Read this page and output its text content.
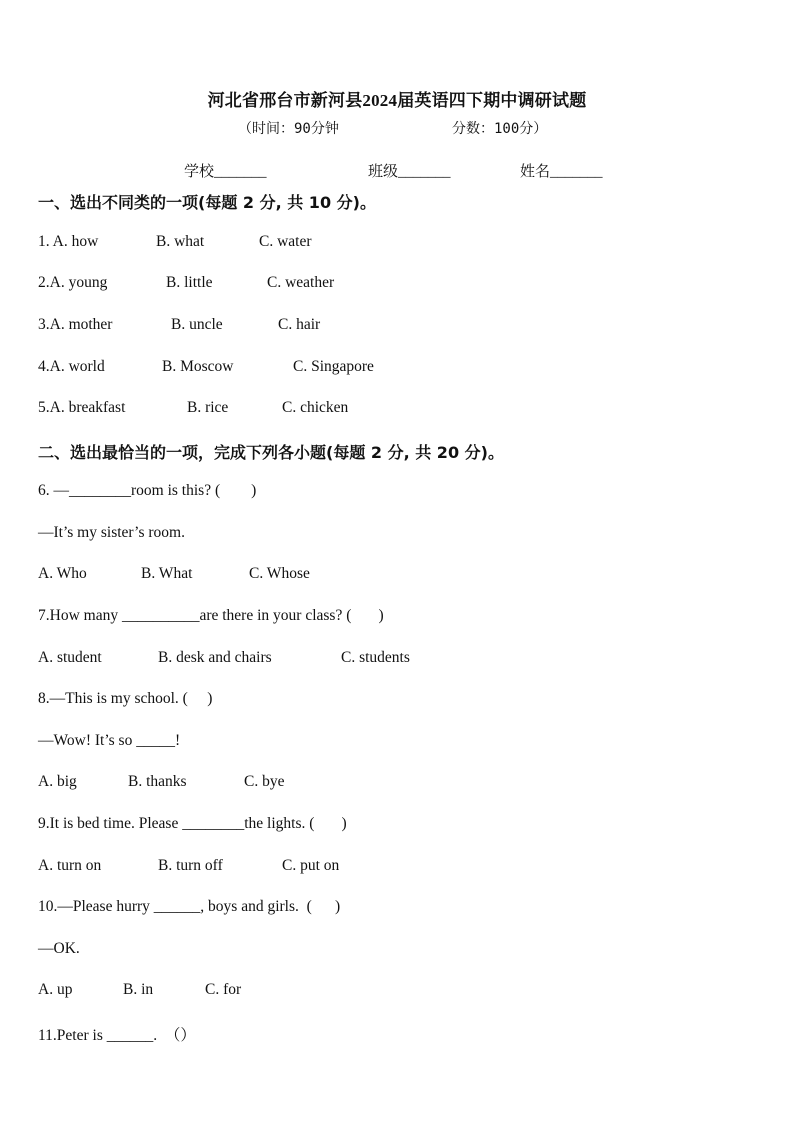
河北省邢台市新河县2024届英语四下期中调研试题
（时间：90分钟	分数：100分）
学校_______	班级_______	姓名_______
一、选出不同类的一项(每题 2 分, 共 10 分)。
1. A. how	B. what	C. water
2.A. young	B. little	C. weather
3.A. mother	B. uncle	C. hair
4.A. world	B. Moscow	C. Singapore
5.A. breakfast	B. rice	C. chicken
二、选出最恰当的一项，完成下列各小题(每题 2 分, 共 20 分)。
6. —________room is this? (        )
—It’s my sister’s room.
A. Who	B. What	C. Whose
7.How many __________are there in your class? (       )
A. student	B. desk and chairs	C. students
8.—This is my school. (     )
—Wow! It’s so _____!
A. big	B. thanks	C. bye
9.It is bed time. Please ________the lights. (       )
A. turn on	B. turn off	C. put on
10.—Please hurry ______, boys and girls.  (      )
—OK.
A. up	B. in	C. for
11.Peter is ______.  （）
